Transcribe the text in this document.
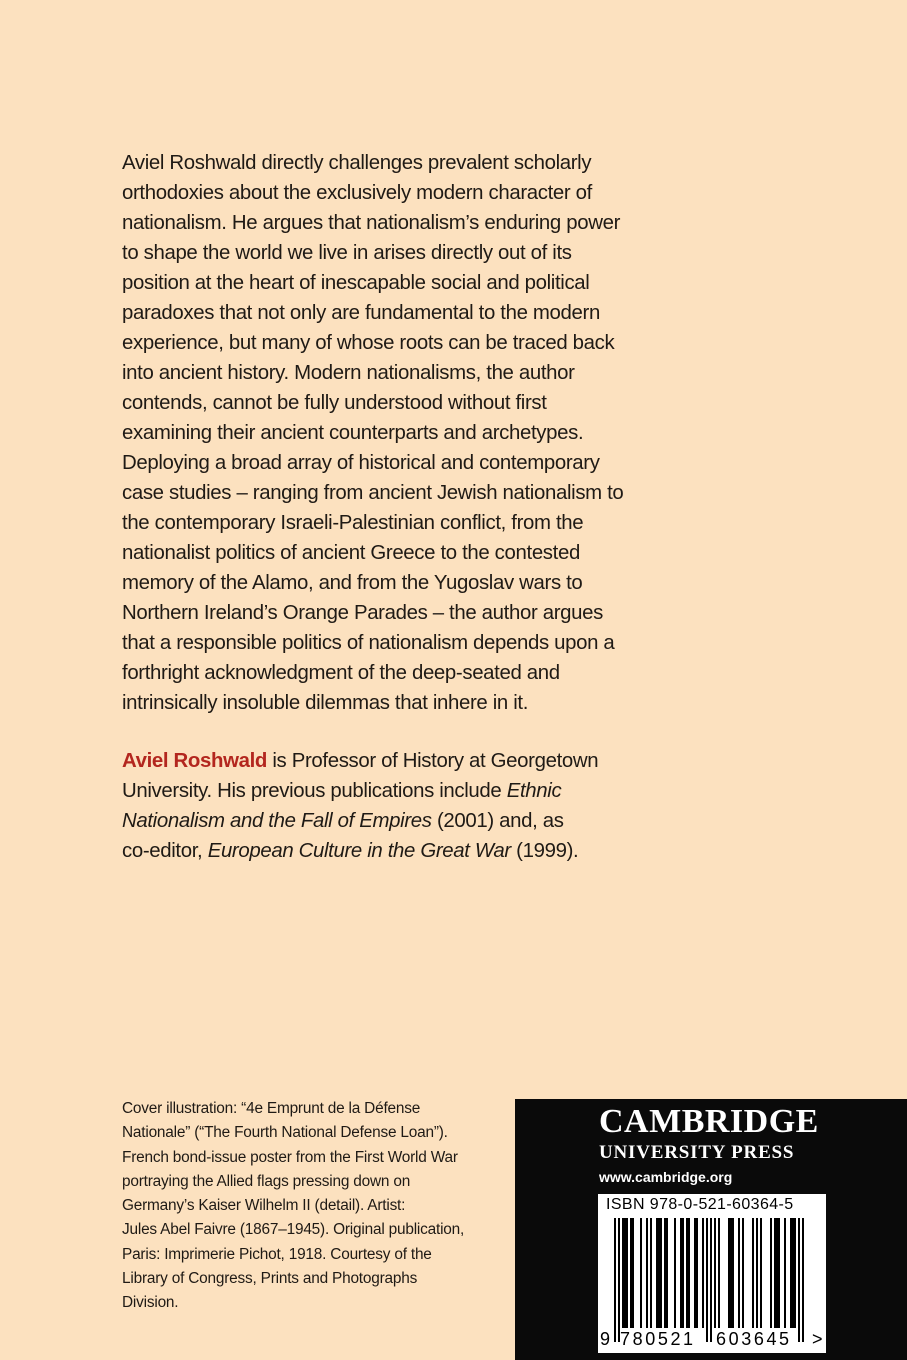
Aviel Roshwald directly challenges prevalent scholarly
orthodoxies about the exclusively modern character of
nationalism. He argues that nationalism’s enduring power
to shape the world we live in arises directly out of its
position at the heart of inescapable social and political
paradoxes that not only are fundamental to the modern
experience, but many of whose roots can be traced back
into ancient history. Modern nationalisms, the author
contends, cannot be fully understood without first
examining their ancient counterparts and archetypes.
Deploying a broad array of historical and contemporary
case studies – ranging from ancient Jewish nationalism to
the contemporary Israeli-Palestinian conflict, from the
nationalist politics of ancient Greece to the contested
memory of the Alamo, and from the Yugoslav wars to
Northern Ireland’s Orange Parades – the author argues
that a responsible politics of nationalism depends upon a
forthright acknowledgment of the deep-seated and
intrinsically insoluble dilemmas that inhere in it.
Aviel Roshwald is Professor of History at Georgetown
University. His previous publications include Ethnic
Nationalism and the Fall of Empires (2001) and, as
co-editor, European Culture in the Great War (1999).
Cover illustration: “4e Emprunt de la Défense
Nationale” (“The Fourth National Defense Loan”).
French bond-issue poster from the First World War
portraying the Allied flags pressing down on
Germany’s Kaiser Wilhelm II (detail). Artist:
Jules Abel Faivre (1867–1945). Original publication,
Paris: Imprimerie Pichot, 1918. Courtesy of the
Library of Congress, Prints and Photographs
Division.
CAMBRIDGE
UNIVERSITY PRESS
www.cambridge.org
ISBN 978-0-521-60364-5
9 780521 603645 >
